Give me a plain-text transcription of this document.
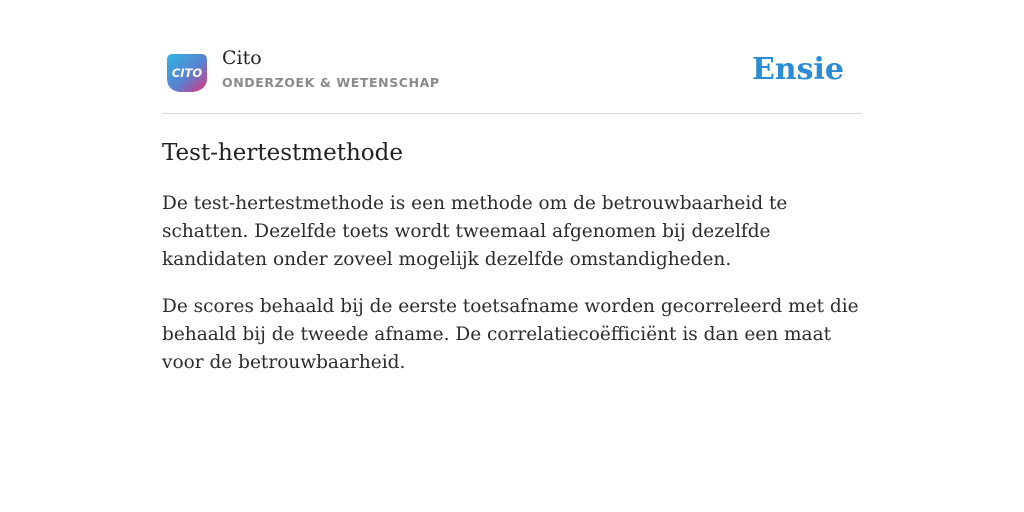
CITO
Cito
ONDERZOEK & WETENSCHAP	Ensie
Test-hertestmethode

De test-hertestmethode is een methode om de betrouwbaarheid te schatten. Dezelfde toets wordt tweemaal afgenomen bij dezelfde kandidaten onder zoveel mogelijk dezelfde omstandigheden.

De scores behaald bij de eerste toetsafname worden gecorreleerd met die behaald bij de tweede afname. De correlatiecoëfficiënt is dan een maat voor de betrouwbaarheid.
